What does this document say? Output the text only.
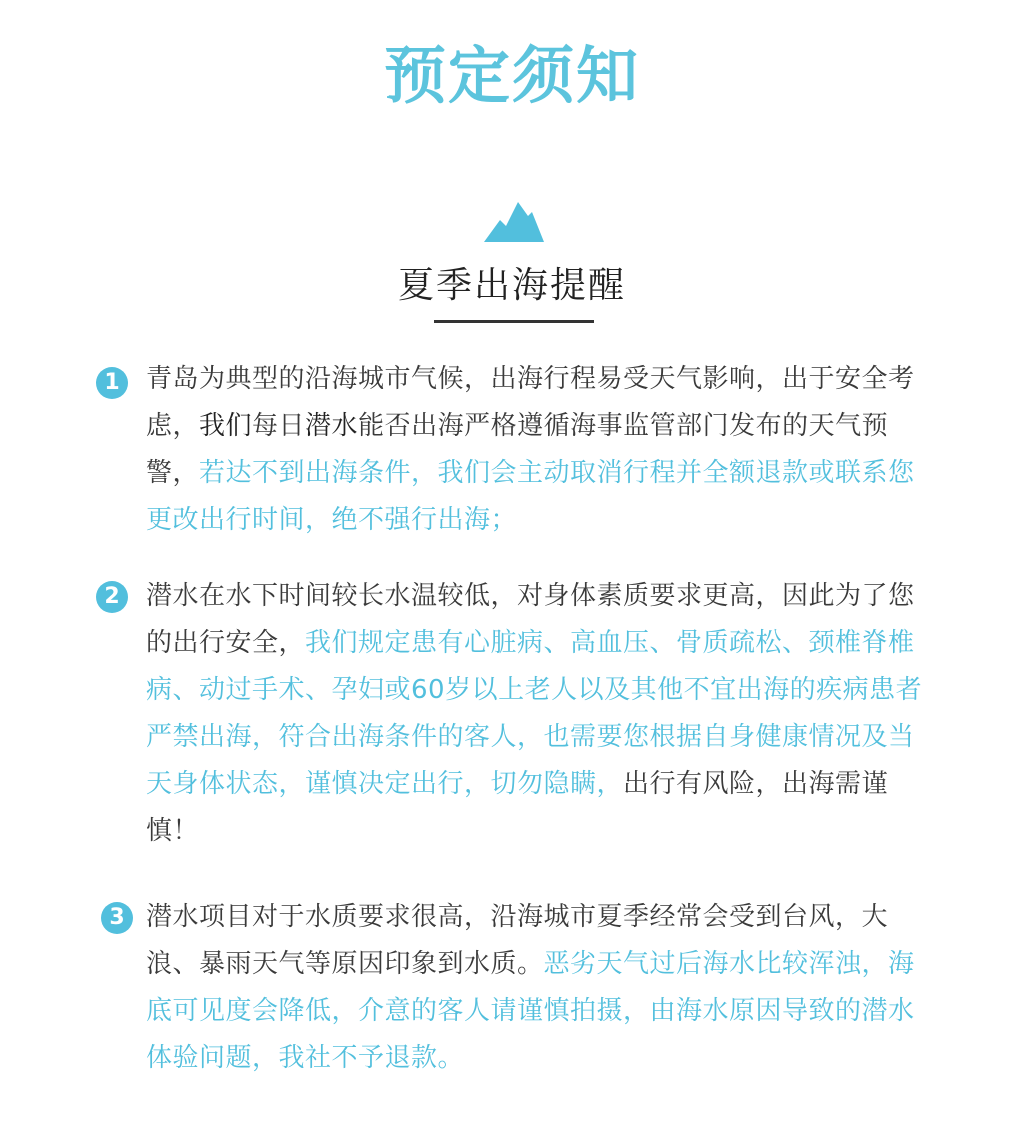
预定须知
夏季出海提醒
1	青岛为典型的沿海城市气候，出海行程易受天气影响，出于安全考虑，我们每日潜水能否出海严格遵循海事监管部门发布的天气预警，若达不到出海条件，我们会主动取消行程并全额退款或联系您更改出行时间，绝不强行出海；
2	潜水在水下时间较长水温较低，对身体素质要求更高，因此为了您的出行安全，我们规定患有心脏病、高血压、骨质疏松、颈椎脊椎病、动过手术、孕妇或60岁以上老人以及其他不宜出海的疾病患者严禁出海，符合出海条件的客人，也需要您根据自身健康情况及当天身体状态，谨慎决定出行，切勿隐瞒，出行有风险，出海需谨慎！
3 潜水项目对于水质要求很高，沿海城市夏季经常会受到台风，大浪、暴雨天气等原因印象到水质。恶劣天气过后海水比较浑浊，海底可见度会降低，介意的客人请谨慎拍摄，由海水原因导致的潜水体验问题，我社不予退款。
